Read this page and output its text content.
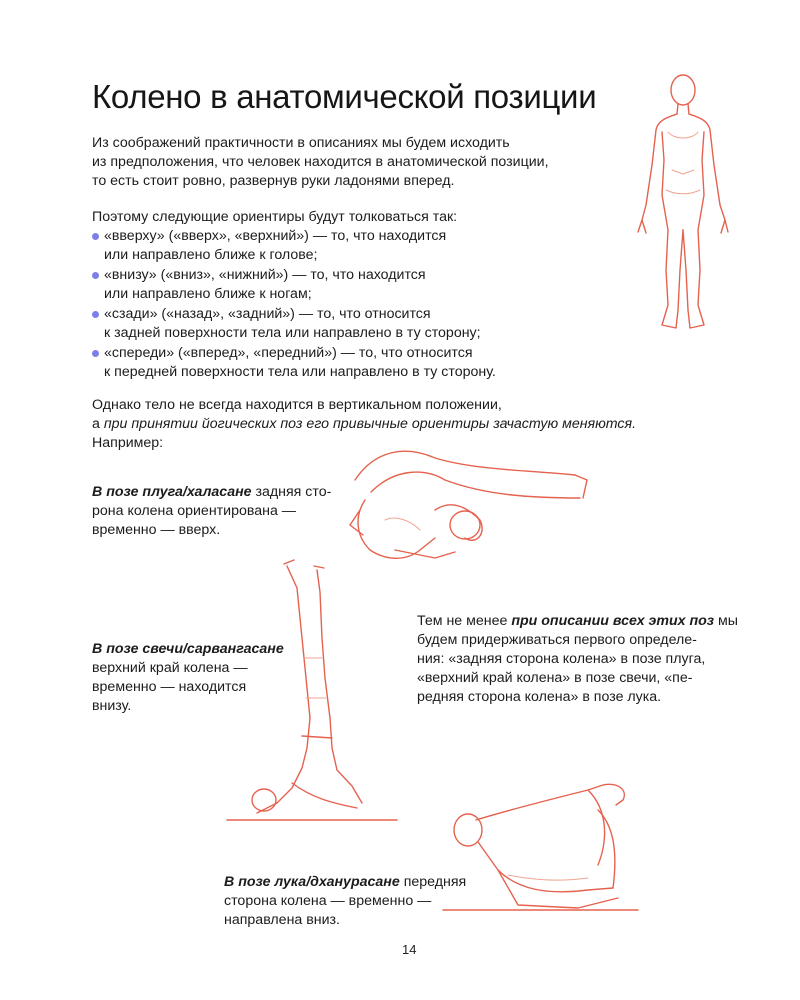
Колено в анатомической позиции
Из соображений практичности в описаниях мы будем исходить
из предположения, что человек находится в анатомической позиции,
то есть стоит ровно, развернув руки ладонями вперед.
Поэтому следующие ориентиры будут толковаться так:
«вверху» («вверх», «верхний») — то, что находится
или направлено ближе к голове;
«внизу» («вниз», «нижний») — то, что находится
или направлено ближе к ногам;
«сзади» («назад», «задний») — то, что относится
к задней поверхности тела или направлено в ту сторону;
«спереди» («вперед», «передний») — то, что относится
к передней поверхности тела или направлено в ту сторону.
Однако тело не всегда находится в вертикальном положении,
а при принятии йогических поз его привычные ориентиры зачастую меняются.
Например:
В позе плуга/халасане задняя сто-
рона колена ориентирована —
временно — вверх.
В позе свечи/сарвангасане
верхний край колена —
временно — находится
внизу.
Тем не менее при описании всех этих поз мы
будем придерживаться первого определе-
ния: «задняя сторона колена» в позе плуга,
«верхний край колена» в позе свечи, «пе-
редняя сторона колена» в позе лука.
В позе лука/дханурасане передняя
сторона колена — временно —
направлена вниз.
14
